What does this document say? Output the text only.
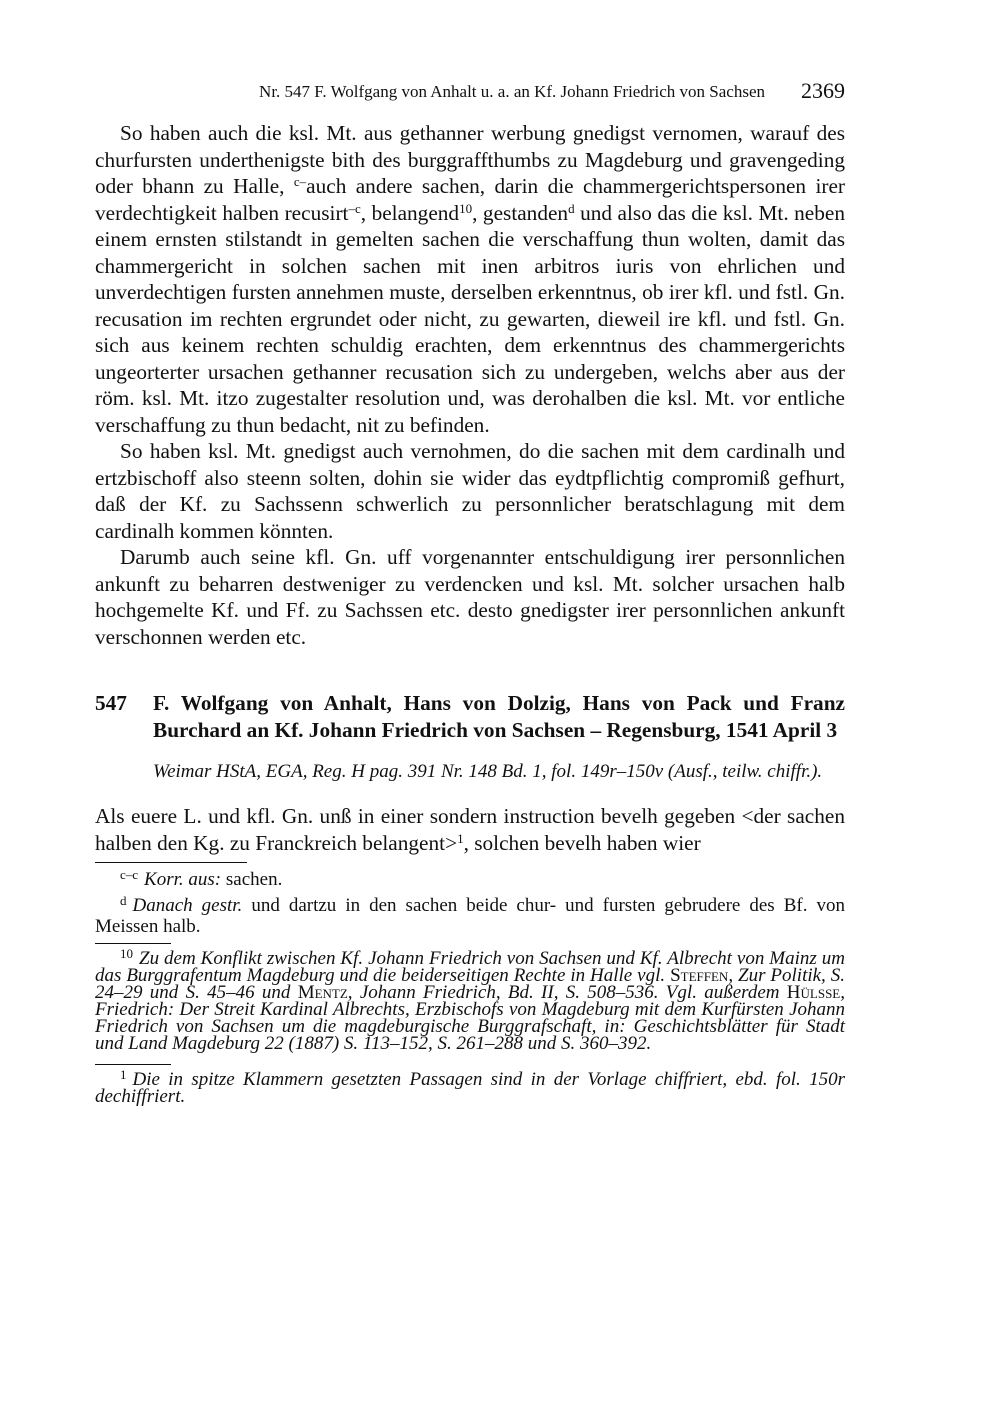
Nr. 547 F. Wolfgang von Anhalt u. a. an Kf. Johann Friedrich von Sachsen 2369

So haben auch die ksl. Mt. aus gethanner werbung gnedigst vernomen, warauf des churfursten underthenigste bith des burggraffthumbs zu Magdeburg und gravengeding oder bhann zu Halle, $^{c-}$auch andere sachen, darin die chammergerichtspersonen irer verdechtigkeit halben recusirt$^{-c}$, belangend$^{10}$, gestanden$^d$ und also das die ksl. Mt. neben einem ernsten stilstandt in gemelten sachen die verschaffung thun wolten, damit das chammergericht in solchen sachen mit inen arbitros iuris von ehrlichen und unverdechtigen fursten annehmen muste, derselben erkenntnus, ob irer kfl. und fstl. Gn. recusation im rechten ergrundet oder nicht, zu gewarten, dieweil ire kfl. und fstl. Gn. sich aus keinem rechten schuldig erachten, dem erkenntnus des chammergerichts ungeorterter ursachen gethanner recusation sich zu undergeben, welchs aber aus der röm. ksl. Mt. itzo zugestalter resolution und, was derohalben die ksl. Mt. vor entliche verschaffung zu thun bedacht, nit zu befinden.

So haben ksl. Mt. gnedigst auch vernohmen, do die sachen mit dem cardinalh und ertzbischoff also steenn solten, dohin sie wider das eydtpflichtig compromiß gefhurt, daß der Kf. zu Sachssenn schwerlich zu personnlicher beratschlagung mit dem cardinalh kommen könnten.

Darumb auch seine kfl. Gn. uff vorgenannter entschuldigung irer personnlichen ankunft zu beharren destweniger zu verdencken und ksl. Mt. solcher ursachen halb hochgemelte Kf. und Ff. zu Sachssen etc. desto gnedigster irer personnlichen ankunft verschonnen werden etc.

547	F. Wolfgang von Anhalt, Hans von Dolzig, Hans von Pack und Franz Burchard an Kf. Johann Friedrich von Sachsen – Regensburg, 1541 April 3
Weimar HStA, EGA, Reg. H pag. 391 Nr. 148 Bd. 1, fol. 149r–150v (Ausf., teilw. chiffr.).

Als euere L. und kfl. Gn. unß in einer sondern instruction bevelh gegeben <der sachen halben den Kg. zu Franckreich belangent>$^1$, solchen bevelh haben wier

$^{c-c}$ Korr. aus: sachen.

$^d$ Danach gestr. und dartzu in den sachen beide chur- und fursten gebrudere des Bf. von Meissen halb.

$^{10}$ Zu dem Konflikt zwischen Kf. Johann Friedrich von Sachsen und Kf. Albrecht von Mainz um das Burggrafentum Magdeburg und die beiderseitigen Rechte in Halle vgl. Steffen, Zur Politik, S. 24–29 und S. 45–46 und Mentz, Johann Friedrich, Bd. II, S. 508–536. Vgl. außerdem Hülsse, Friedrich: Der Streit Kardinal Albrechts, Erzbischofs von Magdeburg mit dem Kurfürsten Johann Friedrich von Sachsen um die magdeburgische Burggrafschaft, in: Geschichtsblätter für Stadt und Land Magdeburg 22 (1887) S. 113–152, S. 261–288 und S. 360–392.

$^1$ Die in spitze Klammern gesetzten Passagen sind in der Vorlage chiffriert, ebd. fol. 150r dechiffriert.
